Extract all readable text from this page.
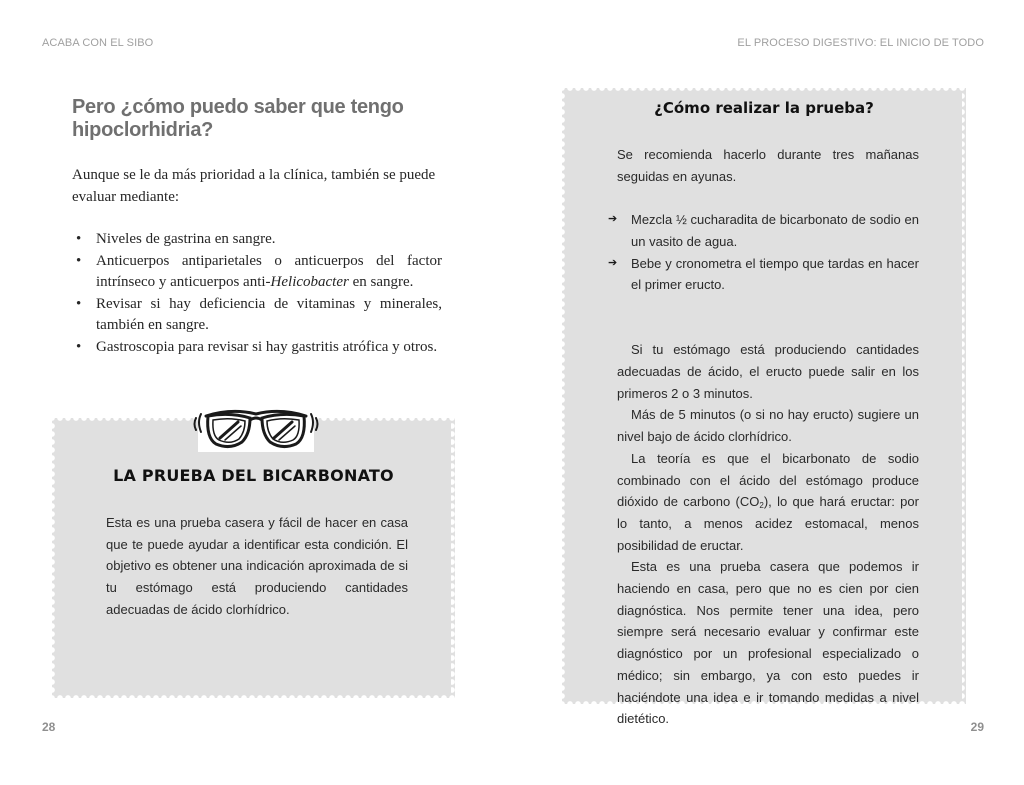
ACABA CON EL SIBO	EL PROCESO DIGESTIVO: EL INICIO DE TODO
Pero ¿cómo puedo saber que tengo hipoclorhidria?

Aunque se le da más prioridad a la clínica, también se puede evaluar mediante:

• Niveles de gastrina en sangre.
• Anticuerpos antiparietales o anticuerpos del factor intrínseco y anticuerpos anti-Helicobacter en sangre.
• Revisar si hay deficiencia de vitaminas y minerales, también en sangre.
• Gastroscopia para revisar si hay gastritis atrófica y otros.
LA PRUEBA DEL BICARBONATO

Esta es una prueba casera y fácil de hacer en casa que te puede ayudar a identificar esta condición. El objetivo es obtener una indicación aproximada de si tu estómago está produciendo cantidades adecuadas de ácido clorhídrico.

28
¿Cómo realizar la prueba?

Se recomienda hacerlo durante tres mañanas seguidas en ayunas.

➔ Mezcla ½ cucharadita de bicarbonato de sodio en un vasito de agua.
➔ Bebe y cronometra el tiempo que tardas en hacer el primer eructo.

Si tu estómago está produciendo cantidades adecuadas de ácido, el eructo puede salir en los primeros 2 o 3 minutos.

Más de 5 minutos (o si no hay eructo) sugiere un nivel bajo de ácido clorhídrico.

La teoría es que el bicarbonato de sodio combinado con el ácido del estómago produce dióxido de carbono $(CO_2)$, lo que hará eructar: por lo tanto, a menos acidez estomacal, menos posibilidad de eructar.

Esta es una prueba casera que podemos ir haciendo en casa, pero que no es cien por cien diagnóstica. Nos permite tener una idea, pero siempre será necesario evaluar y confirmar este diagnóstico por un profesional especializado o médico; sin embargo, ya con esto puedes ir haciéndote una idea e ir tomando medidas a nivel dietético.

29
